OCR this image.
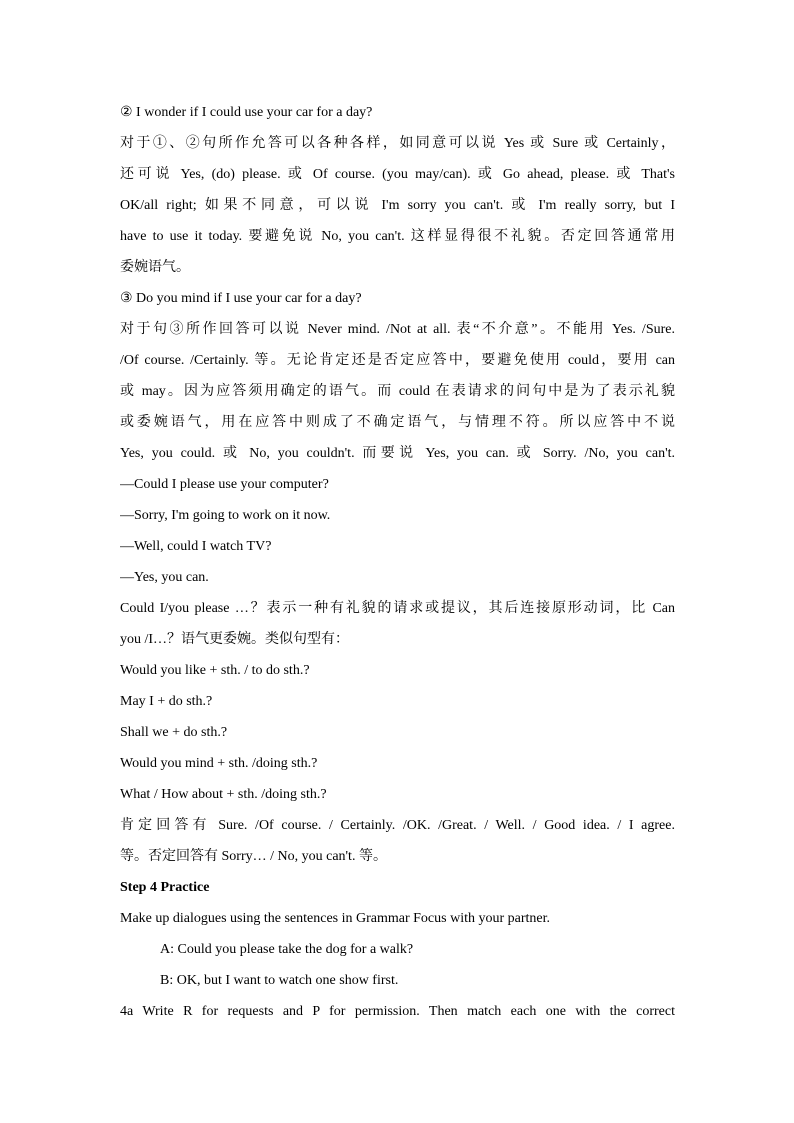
② I wonder if I could use your car for a day?
对于①、②句所作允答可以各种各样，如同意可以说 Yes 或 Sure 或 Certainly，
还可说 Yes, (do) please. 或 Of course. (you may/can). 或 Go ahead, please. 或 That's
OK/all right; 如果不同意，可以说 I'm sorry you can't. 或 I'm really sorry, but I
have to use it today. 要避免说 No, you can't. 这样显得很不礼貌。否定回答通常用
委婉语气。
③ Do you mind if I use your car for a day?
对于句③所作回答可以说 Never mind. /Not at all. 表“不介意”。不能用 Yes. /Sure.
/Of course. /Certainly. 等。无论肯定还是否定应答中，要避免使用 could，要用 can
或 may。因为应答须用确定的语气。而 could 在表请求的问句中是为了表示礼貌
或委婉语气，用在应答中则成了不确定语气，与情理不符。所以应答中不说
Yes, you could. 或 No, you couldn't. 而要说 Yes, you can. 或 Sorry. /No, you can't.
—Could I please use your computer?
—Sorry, I'm going to work on it now.
—Well, could I watch TV?
—Yes, you can.
Could I/you please …？表示一种有礼貌的请求或提议，其后连接原形动词，比 Can
you /I…？语气更委婉。类似句型有：
Would you like + sth. / to do sth.?
May I + do sth.?
Shall we + do sth.?
Would you mind + sth. /doing sth.?
What / How about + sth. /doing sth.?
肯定回答有 Sure. /Of course. / Certainly. /OK. /Great. / Well. / Good idea. / I agree.
等。否定回答有 Sorry… / No, you can't. 等。
Step 4 Practice
Make up dialogues using the sentences in Grammar Focus with your partner.
A: Could you please take the dog for a walk?
B: OK, but I want to watch one show first.
4a Write R for requests and P for permission. Then match each one with the correct
